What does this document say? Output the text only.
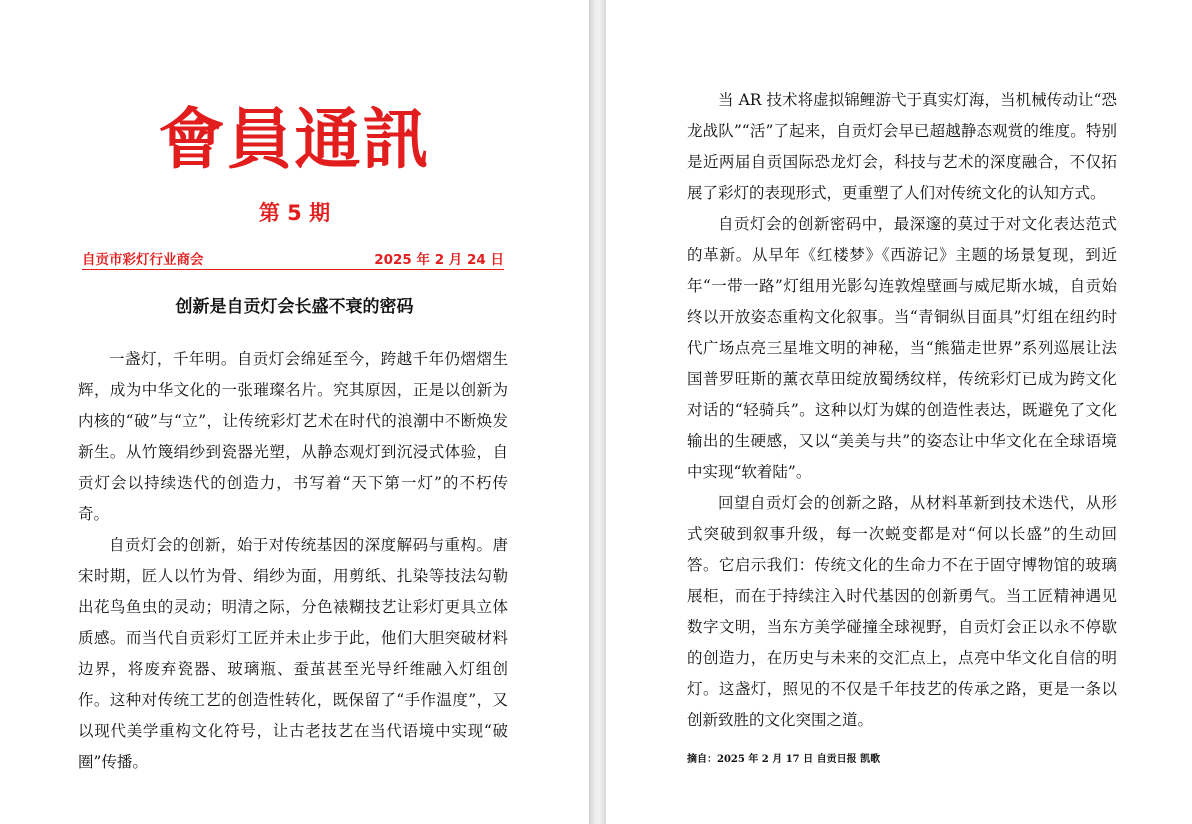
會員通訊
第 5 期
自贡市彩灯行业商会	2025 年 2 月 24 日
创新是自贡灯会长盛不衰的密码

一盏灯，千年明。自贡灯会绵延至今，跨越千年仍熠熠生辉，成为中华文化的一张璀璨名片。究其原因，正是以创新为内核的“破”与“立”，让传统彩灯艺术在时代的浪潮中不断焕发新生。从竹篾绢纱到瓷器光塑，从静态观灯到沉浸式体验，自贡灯会以持续迭代的创造力，书写着“天下第一灯”的不朽传奇。

自贡灯会的创新，始于对传统基因的深度解码与重构。唐宋时期，匠人以竹为骨、绢纱为面，用剪纸、扎染等技法勾勒出花鸟鱼虫的灵动；明清之际，分色裱糊技艺让彩灯更具立体质感。而当代自贡彩灯工匠并未止步于此，他们大胆突破材料边界，将废弃瓷器、玻璃瓶、蚕茧甚至光导纤维融入灯组创作。这种对传统工艺的创造性转化，既保留了“手作温度”，又以现代美学重构文化符号，让古老技艺在当代语境中实现“破圈”传播。

当 AR 技术将虚拟锦鲤游弋于真实灯海，当机械传动让“恐龙战队”“活”了起来，自贡灯会早已超越静态观赏的维度。特别是近两届自贡国际恐龙灯会，科技与艺术的深度融合，不仅拓展了彩灯的表现形式，更重塑了人们对传统文化的认知方式。

自贡灯会的创新密码中，最深邃的莫过于对文化表达范式的革新。从早年《红楼梦》《西游记》主题的场景复现，到近年“一带一路”灯组用光影勾连敦煌壁画与威尼斯水城，自贡始终以开放姿态重构文化叙事。当“青铜纵目面具”灯组在纽约时代广场点亮三星堆文明的神秘，当“熊猫走世界”系列巡展让法国普罗旺斯的薰衣草田绽放蜀绣纹样，传统彩灯已成为跨文化对话的“轻骑兵”。这种以灯为媒的创造性表达，既避免了文化输出的生硬感，又以“美美与共”的姿态让中华文化在全球语境中实现“软着陆”。

回望自贡灯会的创新之路，从材料革新到技术迭代，从形式突破到叙事升级，每一次蜕变都是对“何以长盛”的生动回答。它启示我们：传统文化的生命力不在于固守博物馆的玻璃展柜，而在于持续注入时代基因的创新勇气。当工匠精神遇见数字文明，当东方美学碰撞全球视野，自贡灯会正以永不停歇的创造力，在历史与未来的交汇点上，点亮中华文化自信的明灯。这盏灯，照见的不仅是千年技艺的传承之路，更是一条以创新致胜的文化突围之道。

摘自：2025 年 2 月 17 日 自贡日报 凯歌
